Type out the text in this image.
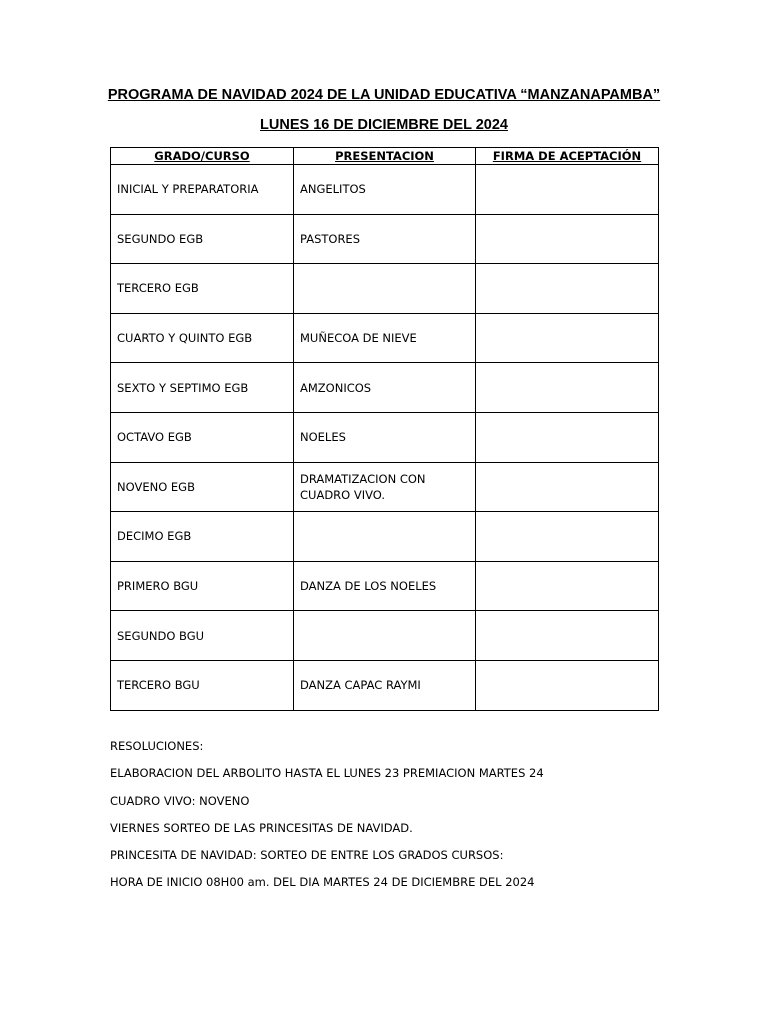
PROGRAMA DE NAVIDAD 2024 DE LA UNIDAD EDUCATIVA “MANZANAPAMBA”
LUNES 16 DE DICIEMBRE DEL 2024
GRADO/CURSO	PRESENTACION	FIRMA DE ACEPTACIÓN
INICIAL Y PREPARATORIA	ANGELITOS	
SEGUNDO EGB	PASTORES	
TERCERO EGB		
CUARTO Y QUINTO EGB	MUÑECOA DE NIEVE	
SEXTO Y SEPTIMO EGB	AMZONICOS	
OCTAVO EGB	NOELES	
NOVENO EGB	DRAMATIZACION CON CUADRO VIVO.	
DECIMO EGB		
PRIMERO BGU	DANZA DE LOS NOELES	
SEGUNDO BGU		
TERCERO BGU	DANZA CAPAC RAYMI	

RESOLUCIONES:

ELABORACION DEL ARBOLITO HASTA EL LUNES 23 PREMIACION MARTES 24

CUADRO VIVO: NOVENO

VIERNES SORTEO DE LAS PRINCESITAS DE NAVIDAD.

PRINCESITA DE NAVIDAD: SORTEO DE ENTRE LOS GRADOS CURSOS:

HORA DE INICIO 08H00 am. DEL DIA MARTES 24 DE DICIEMBRE DEL 2024
